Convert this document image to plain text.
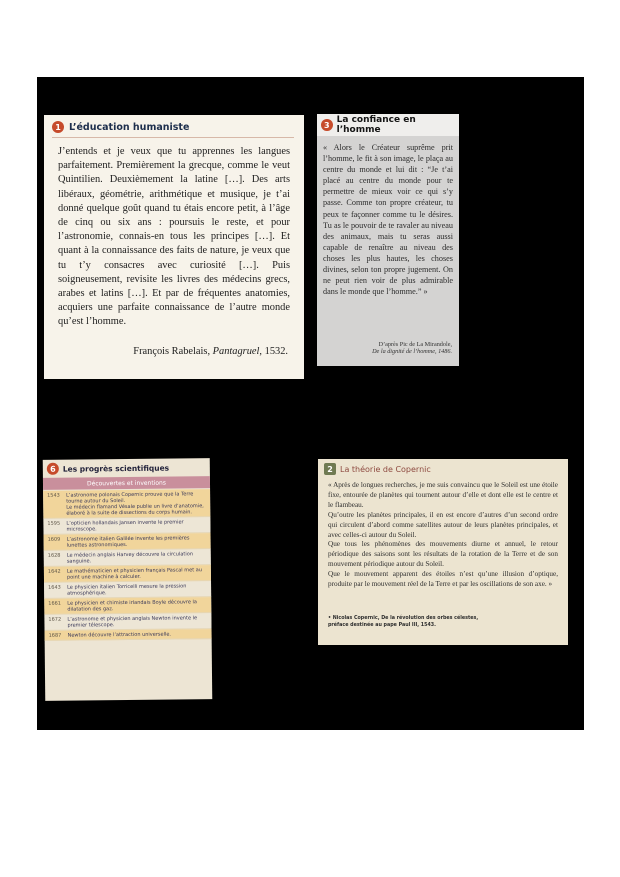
1 L’éducation humaniste
J’entends et je veux que tu apprennes les langues parfaitement. Premièrement la grecque, comme le veut Quintilien. Deuxièmement la latine […]. Des arts libéraux, géométrie, arithmétique et musique, je t’ai donné quelque goût quand tu étais encore petit, à l’âge de cinq ou six ans : poursuis le reste, et pour l’astronomie, connais-en tous les principes […]. Et quant à la connaissance des faits de nature, je veux que tu t’y consacres avec curiosité […]. Puis soigneusement, revisite les livres des médecins grecs, arabes et latins […]. Et par de fréquentes anatomies, acquiers une parfaite connaissance de l’autre monde qu’est l’homme.
François Rabelais, Pantagruel, 1532.
3 La confiance en l’homme
« Alors le Créateur suprême prit l’homme, le fit à son image, le plaça au centre du monde et lui dit : “Je t’ai placé au centre du monde pour te permettre de mieux voir ce qui s’y passe. Comme ton propre créateur, tu peux te façonner comme tu le désires. Tu as le pouvoir de te ravaler au niveau des animaux, mais tu seras aussi capable de renaître au niveau des choses les plus hautes, les choses divines, selon ton propre jugement. On ne peut rien voir de plus admirable dans le monde que l’homme.” »
D’après Pic de La Mirandole,
De la dignité de l’homme, 1486.
6 Les progrès scientifiques
Découvertes et inventions
1543	L’astronome polonais Copernic prouve que la Terre tourne autour du Soleil.
Le médecin flamand Vésale publie un livre d’anatomie, élaboré à la suite de dissections du corps humain.
1595	L’opticien hollandais Jansen invente le premier microscope.
1609	L’astronome italien Galilée invente les premières lunettes astronomiques.
1628	Le médecin anglais Harvey découvre la circulation sanguine.
1642	Le mathématicien et physicien français Pascal met au point une machine à calculer.
1643	Le physicien italien Torricelli mesure la pression atmosphérique.
1661	Le physicien et chimiste irlandais Boyle découvre la dilatation des gaz.
1672	L’astronome et physicien anglais Newton invente le premier télescope.
1687	Newton découvre l’attraction universelle.
2 La théorie de Copernic
« Après de longues recherches, je me suis convaincu que le Soleil est une étoile fixe, entourée de planètes qui tournent autour d’elle et dont elle est le centre et le flambeau.
Qu’outre les planètes principales, il en est encore d’autres d’un second ordre qui circulent d’abord comme satellites autour de leurs planètes principales, et avec celles-ci autour du Soleil.
Que tous les phénomènes des mouvements diurne et annuel, le retour périodique des saisons sont les résultats de la rotation de la Terre et de son mouvement périodique autour du Soleil.
Que le mouvement apparent des étoiles n’est qu’une illusion d’optique, produite par le mouvement réel de la Terre et par les oscillations de son axe. »
• Nicolas Copernic, De la révolution des orbes célestes,
préface destinée au pape Paul III, 1543.
